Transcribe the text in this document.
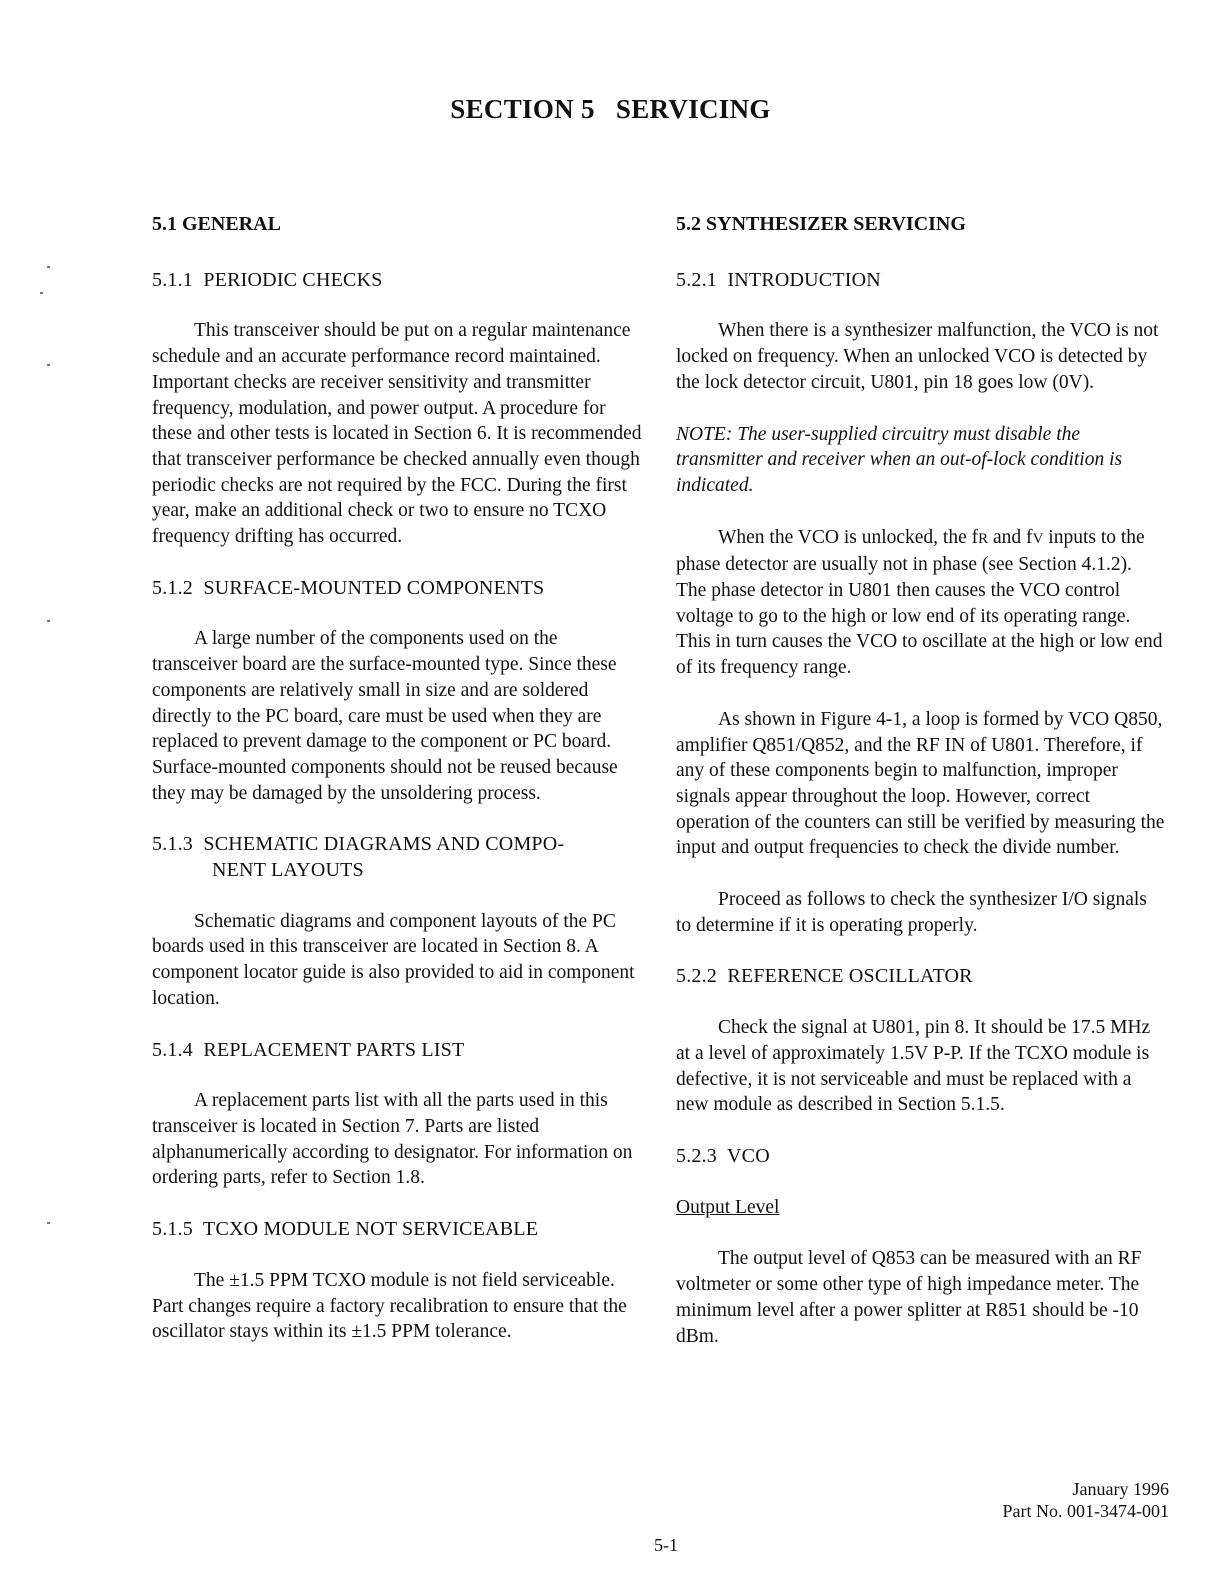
SECTION 5   SERVICING
5.1 GENERAL
5.1.1  PERIODIC CHECKS

This transceiver should be put on a regular maintenance schedule and an accurate performance record maintained. Important checks are receiver sensitivity and transmitter frequency, modulation, and power output. A procedure for these and other tests is located in Section 6. It is recommended that transceiver performance be checked annually even though periodic checks are not required by the FCC. During the first year, make an additional check or two to ensure no TCXO frequency drifting has occurred.

5.1.2  SURFACE-MOUNTED COMPONENTS

A large number of the components used on the transceiver board are the surface-mounted type. Since these components are relatively small in size and are soldered directly to the PC board, care must be used when they are replaced to prevent damage to the component or PC board. Surface-mounted components should not be reused because they may be damaged by the unsoldering process.

5.1.3  SCHEMATIC DIAGRAMS AND COMPO-
NENT LAYOUTS

Schematic diagrams and component layouts of the PC boards used in this transceiver are located in Section 8. A component locator guide is also provided to aid in component location.

5.1.4  REPLACEMENT PARTS LIST

A replacement parts list with all the parts used in this transceiver is located in Section 7. Parts are listed alphanumerically according to designator. For information on ordering parts, refer to Section 1.8.

5.1.5  TCXO MODULE NOT SERVICEABLE

The ±1.5 PPM TCXO module is not field serviceable. Part changes require a factory recalibration to ensure that the oscillator stays within its ±1.5 PPM tolerance.

5.2 SYNTHESIZER SERVICING
5.2.1  INTRODUCTION

When there is a synthesizer malfunction, the VCO is not locked on frequency. When an unlocked VCO is detected by the lock detector circuit, U801, pin 18 goes low (0V).

NOTE: The user-supplied circuitry must disable the transmitter and receiver when an out-of-lock condition is indicated.

When the VCO is unlocked, the fR and fV inputs to the phase detector are usually not in phase (see Section 4.1.2). The phase detector in U801 then causes the VCO control voltage to go to the high or low end of its operating range. This in turn causes the VCO to oscillate at the high or low end of its frequency range.

As shown in Figure 4-1, a loop is formed by VCO Q850, amplifier Q851/Q852, and the RF IN of U801. Therefore, if any of these components begin to malfunction, improper signals appear throughout the loop. However, correct operation of the counters can still be verified by measuring the input and output frequencies to check the divide number.

Proceed as follows to check the synthesizer I/O signals to determine if it is operating properly.

5.2.2  REFERENCE OSCILLATOR

Check the signal at U801, pin 8. It should be 17.5 MHz at a level of approximately 1.5V P-P. If the TCXO module is defective, it is not serviceable and must be replaced with a new module as described in Section 5.1.5.

5.2.3  VCO
Output Level

The output level of Q853 can be measured with an RF voltmeter or some other type of high impedance meter. The minimum level after a power splitter at R851 should be -10 dBm.

5-1
January 1996
Part No. 001-3474-001
